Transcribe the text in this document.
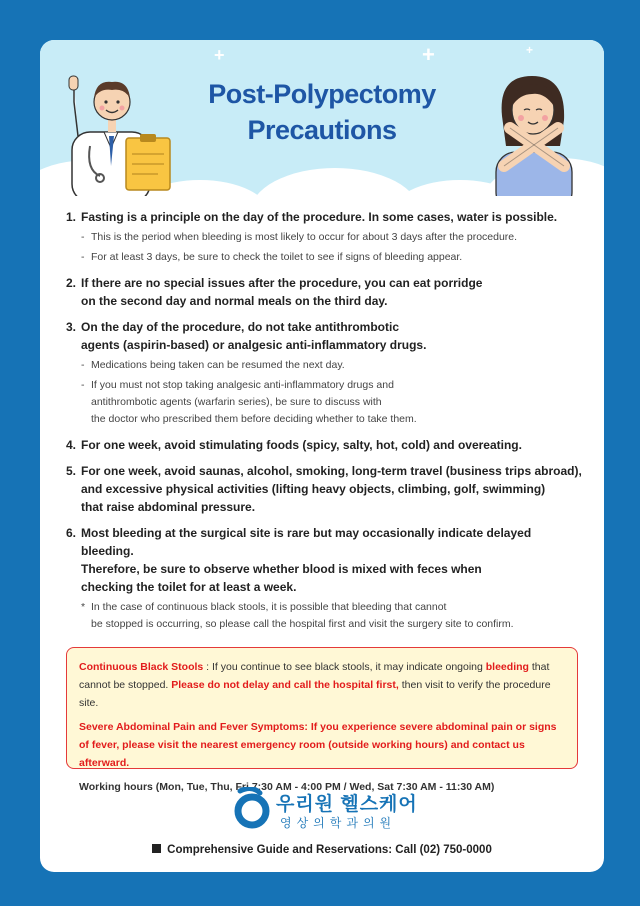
+	+	+
Post-Polypectomy
Precautions
1. Fasting is a principle on the day of the procedure. In some cases, water is possible.
- This is the period when bleeding is most likely to occur for about 3 days after the procedure.
- For at least 3 days, be sure to check the toilet to see if signs of bleeding appear.
2. If there are no special issues after the procedure, you can eat porridge
on the second day and normal meals on the third day.
3. On the day of the procedure, do not take antithrombotic
agents (aspirin-based) or analgesic anti-inflammatory drugs.
- Medications being taken can be resumed the next day.
- If you must not stop taking analgesic anti-inflammatory drugs and
antithrombotic agents (warfarin series), be sure to discuss with
the doctor who prescribed them before deciding whether to take them.
4. For one week, avoid stimulating foods (spicy, salty, hot, cold) and overeating.
5. For one week, avoid saunas, alcohol, smoking, long-term travel (business trips abroad),
and excessive physical activities (lifting heavy objects, climbing, golf, swimming)
that raise abdominal pressure.
6. Most bleeding at the surgical site is rare but may occasionally indicate delayed bleeding.
Therefore, be sure to observe whether blood is mixed with feces when
checking the toilet for at least a week.
* In the case of continuous black stools, it is possible that bleeding that cannot
be stopped is occurring, so please call the hospital first and visit the surgery site to confirm.

Continuous Black Stools : If you continue to see black stools, it may indicate ongoing bleeding that cannot be stopped. Please do not delay and call the hospital first, then visit to verify the procedure site.

Severe Abdominal Pain and Fever Symptoms: If you experience severe abdominal pain or signs of fever, please visit the nearest emergency room (outside working hours) and contact us afterward.

Working hours (Mon, Tue, Thu, Fri 7:30 AM - 4:00 PM / Wed, Sat 7:30 AM - 11:30 AM)

우리원 헬스케어
영상의학과의원
Comprehensive Guide and Reservations: Call (02) 750-0000
